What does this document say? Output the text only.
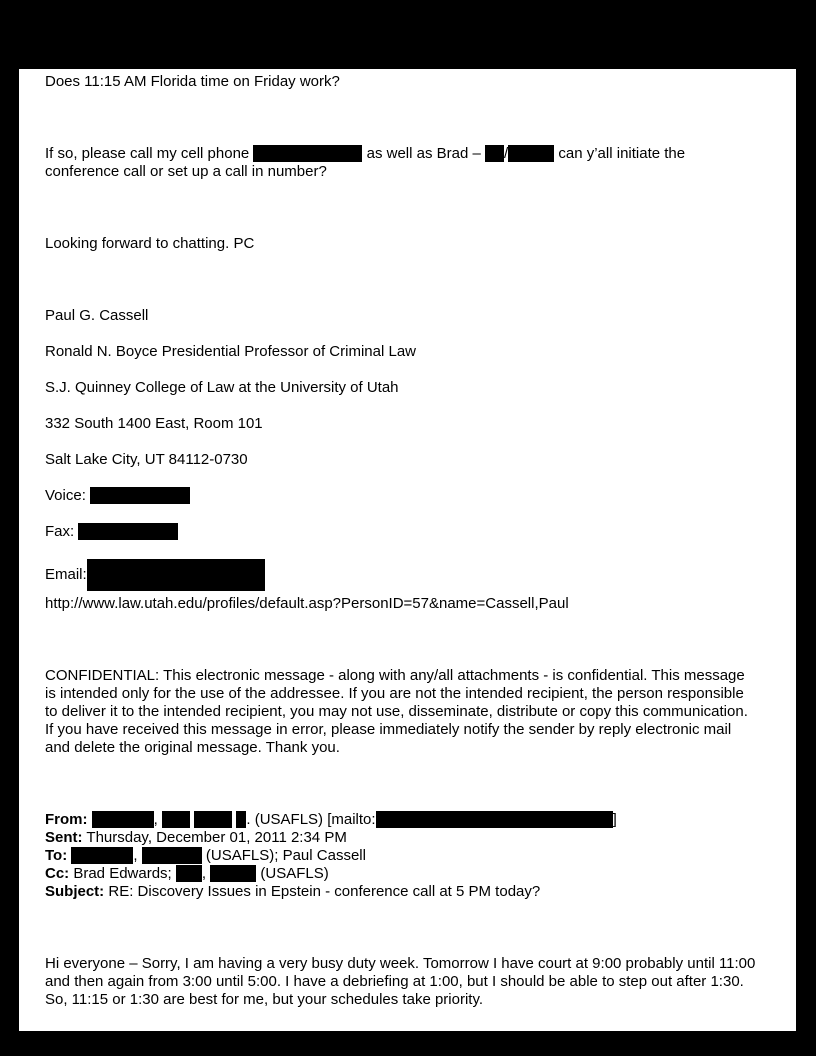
Does 11:15 AM Florida time on Friday work?

If so, please call my cell phone	as well as Brad – /	can y’all initiate the conference call or set up a call in number?

Looking forward to chatting. PC

Paul G. Cassell

Ronald N. Boyce Presidential Professor of Criminal Law

S.J. Quinney College of Law at the University of Utah

332 South 1400 East, Room 101

Salt Lake City, UT 84112-0730

Voice:

Fax:

Email:

http://www.law.utah.edu/profiles/default.asp?PersonID=57&name=Cassell,Paul

CONFIDENTIAL: This electronic message - along with any/all attachments - is confidential. This message is intended only for the use of the addressee. If you are not the intended recipient, the person responsible to deliver it to the intended recipient, you may not use, disseminate, distribute or copy this communication. If you have received this message in error, please immediately notify the sender by reply electronic mail and delete the original message. Thank you.

From:	,	. (USAFLS) [mailto:	]

Sent: Thursday, December 01, 2011 2:34 PM

To:	,	(USAFLS); Paul Cassell

Cc: Brad Edwards; ,	(USAFLS)

Subject: RE: Discovery Issues in Epstein - conference call at 5 PM today?

Hi everyone – Sorry, I am having a very busy duty week. Tomorrow I have court at 9:00 probably until 11:00 and then again from 3:00 until 5:00. I have a debriefing at 1:00, but I should be able to step out after 1:30. So, 11:15 or 1:30 are best for me, but your schedules take priority.
